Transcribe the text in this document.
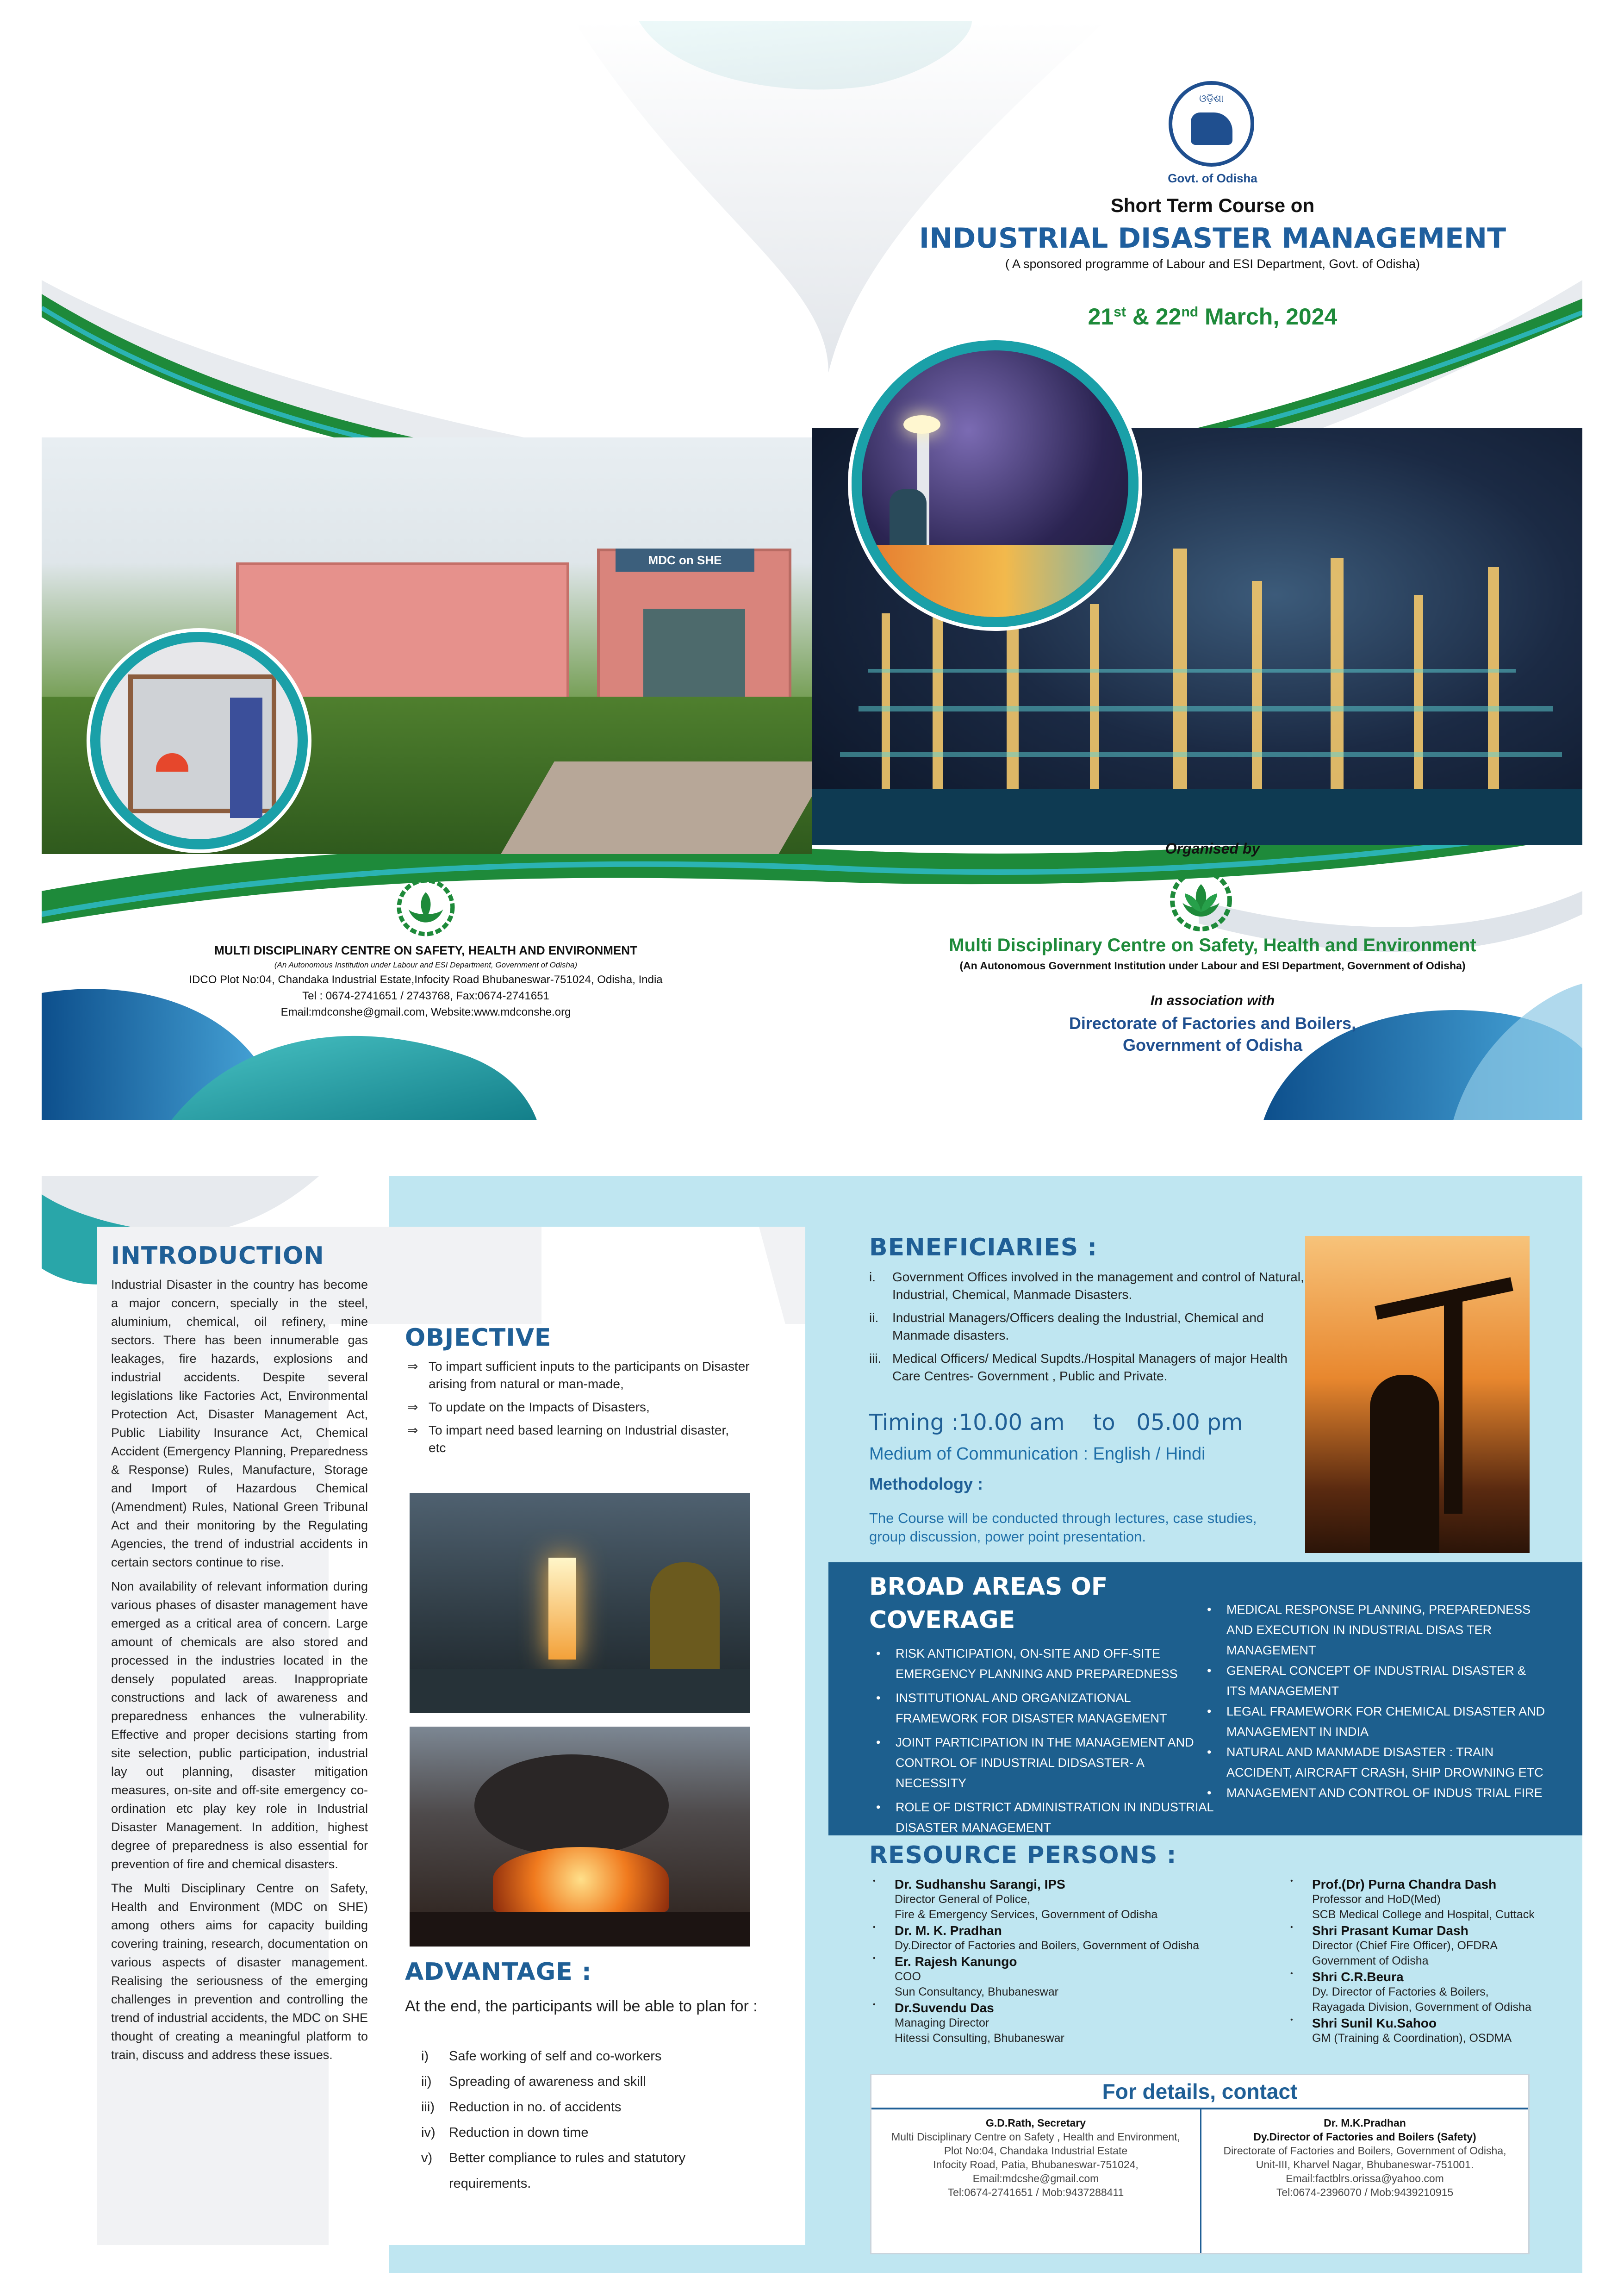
MDC on SHE
ଓଡ଼ିଶା
Govt. of Odisha
Short Term Course on
INDUSTRIAL DISASTER MANAGEMENT
( A sponsored programme of Labour and ESI Department, Govt. of Odisha)
21st & 22nd March, 2024
Organised by
Multi Disciplinary Centre on Safety, Health and Environment
(An Autonomous Government Institution under Labour and ESI Department, Government of Odisha)
In association with
Directorate of Factories and Boilers,
Government of Odisha
MULTI DISCIPLINARY CENTRE ON SAFETY, HEALTH AND ENVIRONMENT
(An Autonomous Institution under Labour and ESI Department, Government of Odisha)
IDCO Plot No:04, Chandaka Industrial Estate,Infocity Road Bhubaneswar-751024, Odisha, India
Tel : 0674-2741651 / 2743768, Fax:0674-2741651
Email:mdconshe@gmail.com, Website:www.mdconshe.org
INTRODUCTION

Industrial Disaster in the country has become a major concern, specially in the steel, aluminium, chemical, oil refinery, mine sectors. There has been innumerable gas leakages, fire hazards, explosions and industrial accidents. Despite several legislations like Factories Act, Environmental Protection Act, Disaster Management Act, Public Liability Insurance Act, Chemical Accident (Emergency Planning, Preparedness & Response) Rules, Manufacture, Storage and Import of Hazardous Chemical (Amendment) Rules, National Green Tribunal Act and their monitoring by the Regulating Agencies, the trend of industrial accidents in certain sectors continue to rise.

Non availability of relevant information during various phases of disaster management have emerged as a critical area of concern. Large amount of chemicals are also stored and processed in the industries located in the densely populated areas. Inappropriate constructions and lack of awareness and preparedness enhances the vulnerability. Effective and proper decisions starting from site selection, public participation, industrial lay out planning, disaster mitigation measures, on-site and off-site emergency co-ordination etc play key role in Industrial Disaster Management. In addition, highest degree of preparedness is also essential for prevention of fire and chemical disasters.

The Multi Disciplinary Centre on Safety, Health and Environment (MDC on SHE) among others aims for capacity building covering training, research, documentation on various aspects of disaster management. Realising the seriousness of the emerging challenges in prevention and controlling the trend of industrial accidents, the MDC on SHE thought of creating a meaningful platform to train, discuss and address these issues.

OBJECTIVE
⇒ To impart sufficient inputs to the participants on Disaster arising from natural or man-made,
⇒ To update on the Impacts of Disasters,
⇒ To impart need based learning on Industrial disaster, etc
ADVANTAGE :
At the end, the participants will be able to plan for :
i)	Safe working of self and co-workers
ii)	Spreading of awareness and skill
iii)	Reduction in no. of accidents
iv)	Reduction in down time
v)	Better compliance to rules and statutory requirements.
BENEFICIARIES :
i.	Government Offices involved in the management and control of Natural, Industrial, Chemical, Manmade Disasters.
ii.	Industrial Managers/Officers dealing the Industrial, Chemical and Manmade disasters.
iii. Medical Officers/ Medical Supdts./Hospital Managers of major Health Care Centres- Government , Public and Private.
Timing :10.00 am    to   05.00 pm
Medium of Communication : English / Hindi
Methodology :
The Course will be conducted through lectures, case studies, group discussion, power point presentation.
BROAD AREAS OF
COVERAGE
• RISK ANTICIPATION, ON-SITE AND OFF-SITE EMERGENCY PLANNING AND PREPAREDNESS
• INSTITUTIONAL AND ORGANIZATIONAL FRAMEWORK FOR DISASTER MANAGEMENT
• JOINT PARTICIPATION IN THE MANAGEMENT AND CONTROL OF INDUSTRIAL DIDSASTER- A NECESSITY
• ROLE OF DISTRICT ADMINISTRATION IN INDUSTRIAL DISASTER MANAGEMENT
• MEDICAL RESPONSE PLANNING, PREPAREDNESS AND EXECUTION IN INDUSTRIAL DISAS TER MANAGEMENT
• GENERAL CONCEPT OF INDUSTRIAL DISASTER & ITS MANAGEMENT
• LEGAL FRAMEWORK FOR CHEMICAL DISASTER AND MANAGEMENT IN INDIA
• NATURAL AND MANMADE DISASTER : TRAIN ACCIDENT, AIRCRAFT CRASH, SHIP DROWNING ETC
• MANAGEMENT AND CONTROL OF INDUS TRIAL FIRE
RESOURCE PERSONS :
• Dr. Sudhanshu Sarangi, IPS
Director General of Police,
Fire & Emergency Services, Government of Odisha
• Dr. M. K. Pradhan
Dy.Director of Factories and Boilers, Government of Odisha
• Er. Rajesh Kanungo
COO
Sun Consultancy, Bhubaneswar
• Dr.Suvendu Das
Managing Director
Hitessi Consulting, Bhubaneswar
• Prof.(Dr) Purna Chandra Dash
Professor and HoD(Med)
SCB Medical College and Hospital, Cuttack
• Shri Prasant Kumar Dash
Director (Chief Fire Officer), OFDRA
Government of Odisha
• Shri C.R.Beura
Dy. Director of Factories & Boilers,
Rayagada Division, Government of Odisha
• Shri Sunil Ku.Sahoo
GM (Training & Coordination), OSDMA
For details, contact
G.D.Rath, Secretary
Multi Disciplinary Centre on Safety , Health and Environment,
Plot No:04, Chandaka Industrial Estate
Infocity Road, Patia, Bhubaneswar-751024,
Email:mdcshe@gmail.com
Tel:0674-2741651 / Mob:9437288411
Dr. M.K.Pradhan
Dy.Director of Factories and Boilers (Safety)
Directorate of Factories and Boilers, Government of Odisha,
Unit-III, Kharvel Nagar, Bhubaneswar-751001.
Email:factblrs.orissa@yahoo.com
Tel:0674-2396070 / Mob:9439210915
